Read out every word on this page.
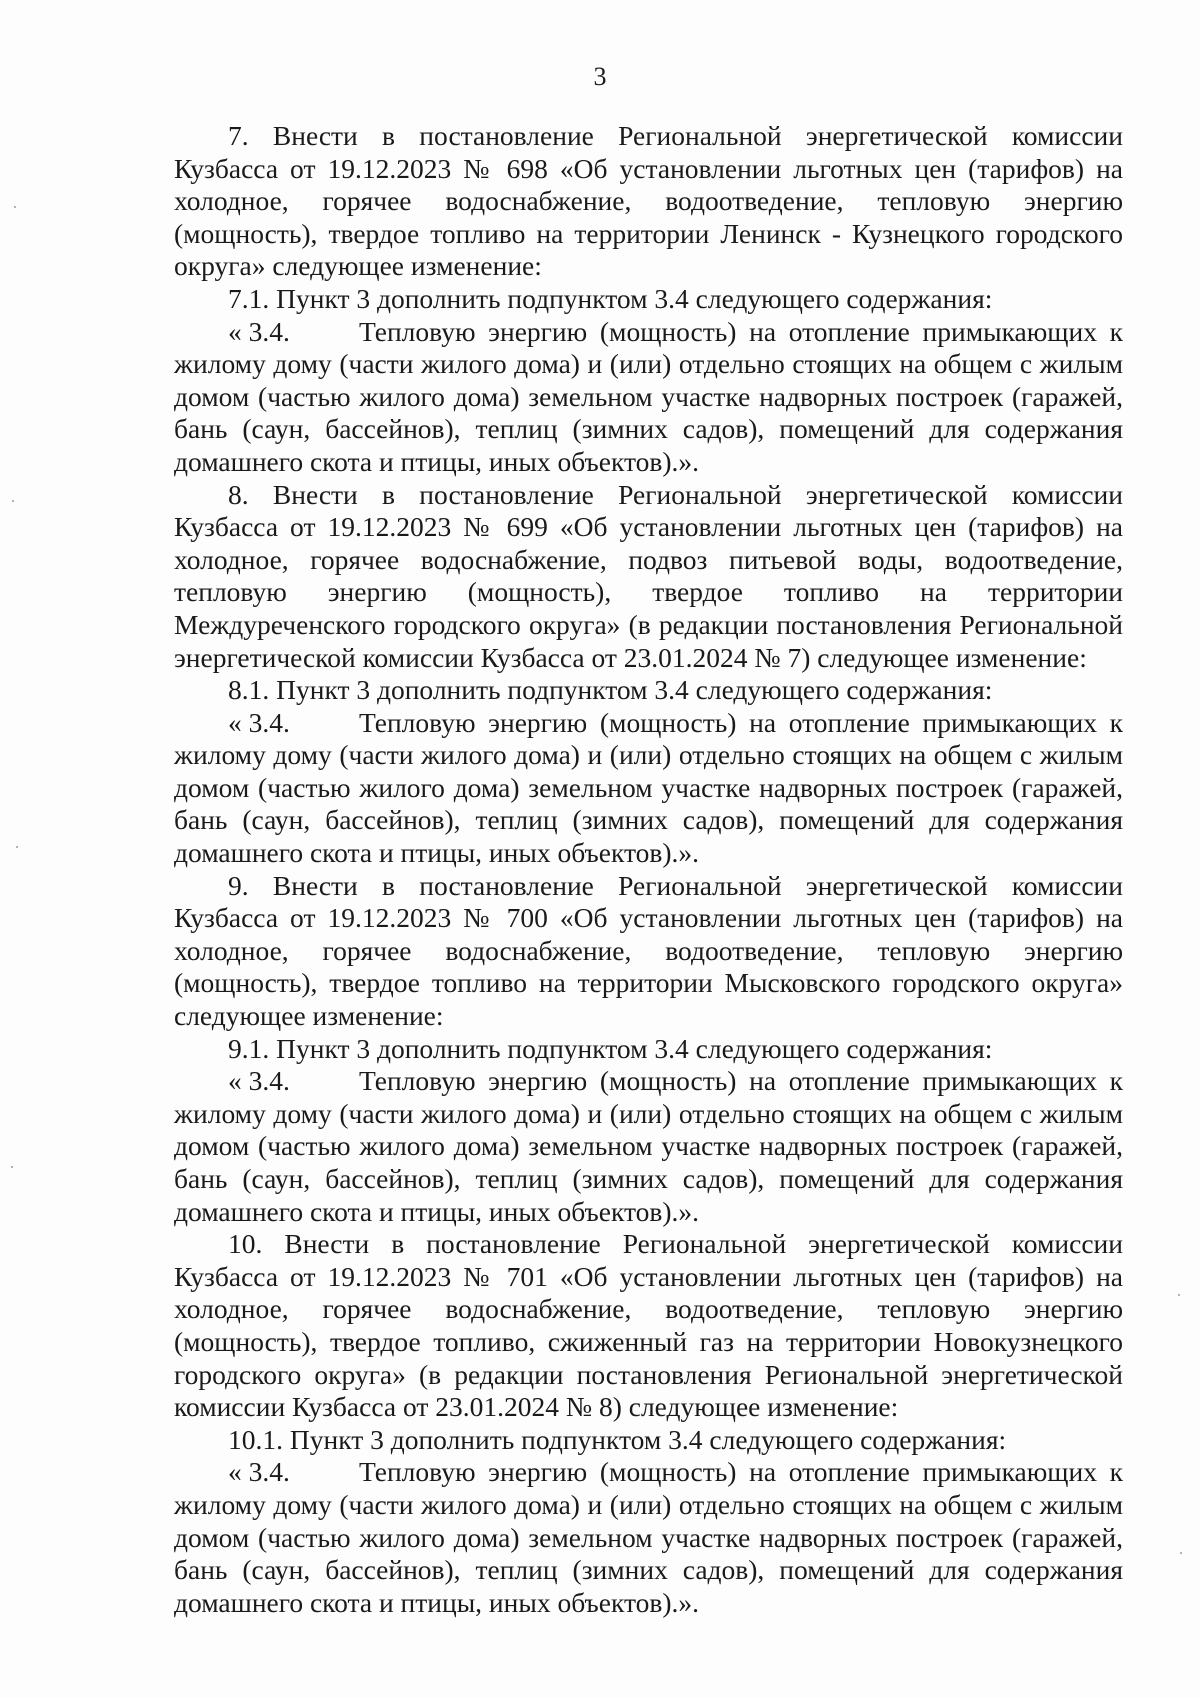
3

7. Внести в постановление Региональной энергетической комиссии Кузбасса от 19.12.2023 № 698 «Об установлении льготных цен (тарифов) на холодное, горячее водоснабжение, водоотведение, тепловую энергию (мощность), твердое топливо на территории Ленинск - Кузнецкого городского округа» следующее изменение:

7.1. Пункт 3 дополнить подпунктом 3.4 следующего содержания:

« 3.4.	Тепловую энергию (мощность) на отопление примыкающих к жилому дому (части жилого дома) и (или) отдельно стоящих на общем с жилым домом (частью жилого дома) земельном участке надворных построек (гаражей, бань (саун, бассейнов), теплиц (зимних садов), помещений для содержания домашнего скота и птицы, иных объектов).».

8. Внести в постановление Региональной энергетической комиссии Кузбасса от 19.12.2023 № 699 «Об установлении льготных цен (тарифов) на холодное, горячее водоснабжение, подвоз питьевой воды, водоотведение, тепловую энергию (мощность), твердое топливо на территории Междуреченского городского округа» (в редакции постановления Региональной энергетической комиссии Кузбасса от 23.01.2024 № 7) следующее изменение:

8.1. Пункт 3 дополнить подпунктом 3.4 следующего содержания:

« 3.4.	Тепловую энергию (мощность) на отопление примыкающих к жилому дому (части жилого дома) и (или) отдельно стоящих на общем с жилым домом (частью жилого дома) земельном участке надворных построек (гаражей, бань (саун, бассейнов), теплиц (зимних садов), помещений для содержания домашнего скота и птицы, иных объектов).».

9. Внести в постановление Региональной энергетической комиссии Кузбасса от 19.12.2023 № 700 «Об установлении льготных цен (тарифов) на холодное, горячее водоснабжение, водоотведение, тепловую энергию (мощность), твердое топливо на территории Мысковского городского округа» следующее изменение:

9.1. Пункт 3 дополнить подпунктом 3.4 следующего содержания:

« 3.4.	Тепловую энергию (мощность) на отопление примыкающих к жилому дому (части жилого дома) и (или) отдельно стоящих на общем с жилым домом (частью жилого дома) земельном участке надворных построек (гаражей, бань (саун, бассейнов), теплиц (зимних садов), помещений для содержания домашнего скота и птицы, иных объектов).».

10. Внести в постановление Региональной энергетической комиссии Кузбасса от 19.12.2023 № 701 «Об установлении льготных цен (тарифов) на холодное, горячее водоснабжение, водоотведение, тепловую энергию (мощность), твердое топливо, сжиженный газ на территории Новокузнецкого городского округа» (в редакции постановления Региональной энергетической комиссии Кузбасса от 23.01.2024 № 8) следующее изменение:

10.1. Пункт 3 дополнить подпунктом 3.4 следующего содержания:

« 3.4.	Тепловую энергию (мощность) на отопление примыкающих к жилому дому (части жилого дома) и (или) отдельно стоящих на общем с жилым домом (частью жилого дома) земельном участке надворных построек (гаражей, бань (саун, бассейнов), теплиц (зимних садов), помещений для содержания домашнего скота и птицы, иных объектов).».
